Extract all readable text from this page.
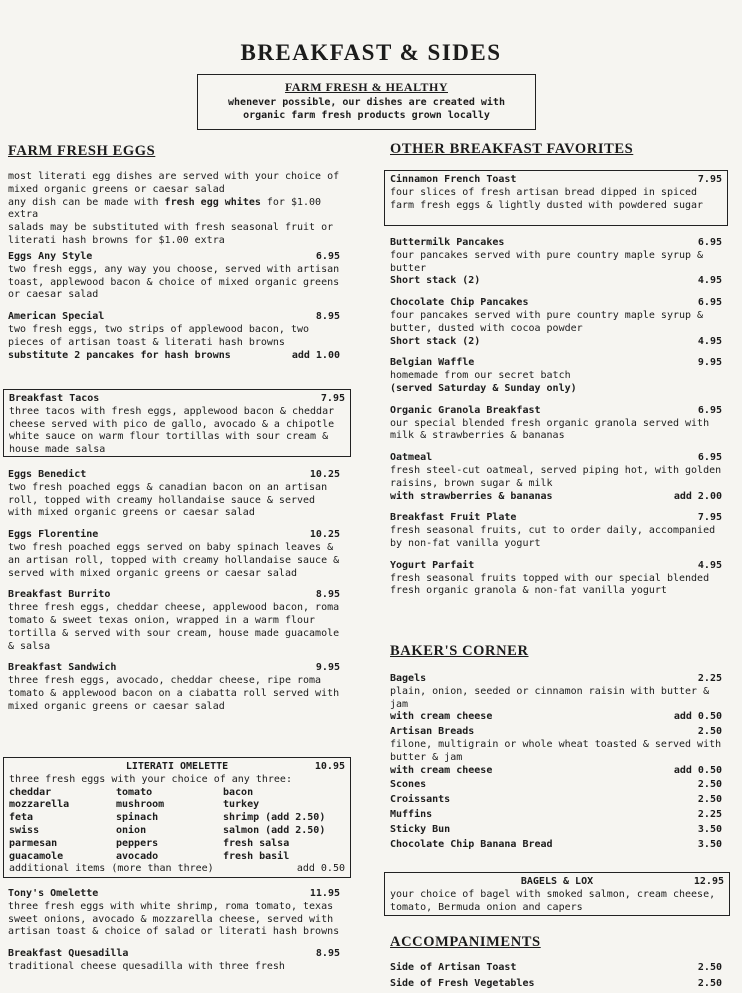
BREAKFAST & SIDES
FARM FRESH & HEALTHY
whenever possible, our dishes are created with
organic farm fresh products grown locally
FARM FRESH EGGS
most literati egg dishes are served with your choice of mixed organic greens or caesar salad
any dish can be made with fresh egg whites for $1.00 extra
salads may be substituted with fresh seasonal fruit or literati hash browns for $1.00 extra
Eggs Any Style	6.95
two fresh eggs, any way you choose, served with artisan toast, applewood bacon & choice of mixed organic greens or caesar salad
American Special	8.95
two fresh eggs, two strips of applewood bacon, two pieces of artisan toast & literati hash browns
substitute 2 pancakes for hash browns	add 1.00
Breakfast Tacos	7.95
three tacos with fresh eggs, applewood bacon & cheddar cheese served with pico de gallo, avocado & a chipotle white sauce on warm flour tortillas with sour cream & house made salsa
Eggs Benedict	10.25
two fresh poached eggs & canadian bacon on an artisan roll, topped with creamy hollandaise sauce & served with mixed organic greens or caesar salad
Eggs Florentine	10.25
two fresh poached eggs served on baby spinach leaves & an artisan roll, topped with creamy hollandaise sauce & served with mixed organic greens or caesar salad
Breakfast Burrito	8.95
three fresh eggs, cheddar cheese, applewood bacon, roma tomato & sweet texas onion, wrapped in a warm flour tortilla & served with sour cream, house made guacamole & salsa
Breakfast Sandwich	9.95
three fresh eggs, avocado, cheddar cheese, ripe roma tomato & applewood bacon on a ciabatta roll served with mixed organic greens or caesar salad
LITERATI OMELETTE	10.95
three fresh eggs with your choice of any three:
cheddar	tomato	bacon
mozzarella	mushroom	turkey
feta	spinach	shrimp (add 2.50)
swiss	onion	salmon (add 2.50)
parmesan	peppers	fresh salsa
guacamole	avocado	fresh basil
additional items (more than three)	add 0.50
Tony's Omelette	11.95
three fresh eggs with white shrimp, roma tomato, texas sweet onions, avocado & mozzarella cheese, served with artisan toast & choice of salad or literati hash browns
Breakfast Quesadilla	8.95
traditional cheese quesadilla with three fresh
OTHER BREAKFAST FAVORITES
Cinnamon French Toast	7.95
four slices of fresh artisan bread dipped in spiced farm fresh eggs & lightly dusted with powdered sugar
Buttermilk Pancakes	6.95
four pancakes served with pure country maple syrup & butter
Short stack (2)	4.95
Chocolate Chip Pancakes	6.95
four pancakes served with pure country maple syrup & butter, dusted with cocoa powder
Short stack (2)	4.95
Belgian Waffle	9.95
homemade from our secret batch
(served Saturday & Sunday only)
Organic Granola Breakfast	6.95
our special blended fresh organic granola served with milk & strawberries & bananas
Oatmeal	6.95
fresh steel-cut oatmeal, served piping hot, with golden raisins, brown sugar & milk
with strawberries & bananas	add 2.00
Breakfast Fruit Plate	7.95
fresh seasonal fruits, cut to order daily, accompanied by non-fat vanilla yogurt
Yogurt Parfait	4.95
fresh seasonal fruits topped with our special blended fresh organic granola & non-fat vanilla yogurt
BAKER'S CORNER
Bagels	2.25
plain, onion, seeded or cinnamon raisin with butter & jam
with cream cheese	add 0.50
Artisan Breads	2.50
filone, multigrain or whole wheat toasted & served with butter & jam
with cream cheese	add 0.50
Scones	2.50
Croissants	2.50
Muffins	2.25
Sticky Bun	3.50
Chocolate Chip Banana Bread	3.50
BAGELS & LOX	12.95
your choice of bagel with smoked salmon, cream cheese, tomato, Bermuda onion and capers
ACCOMPANIMENTS
Side of Artisan Toast	2.50
Side of Fresh Vegetables	2.50
